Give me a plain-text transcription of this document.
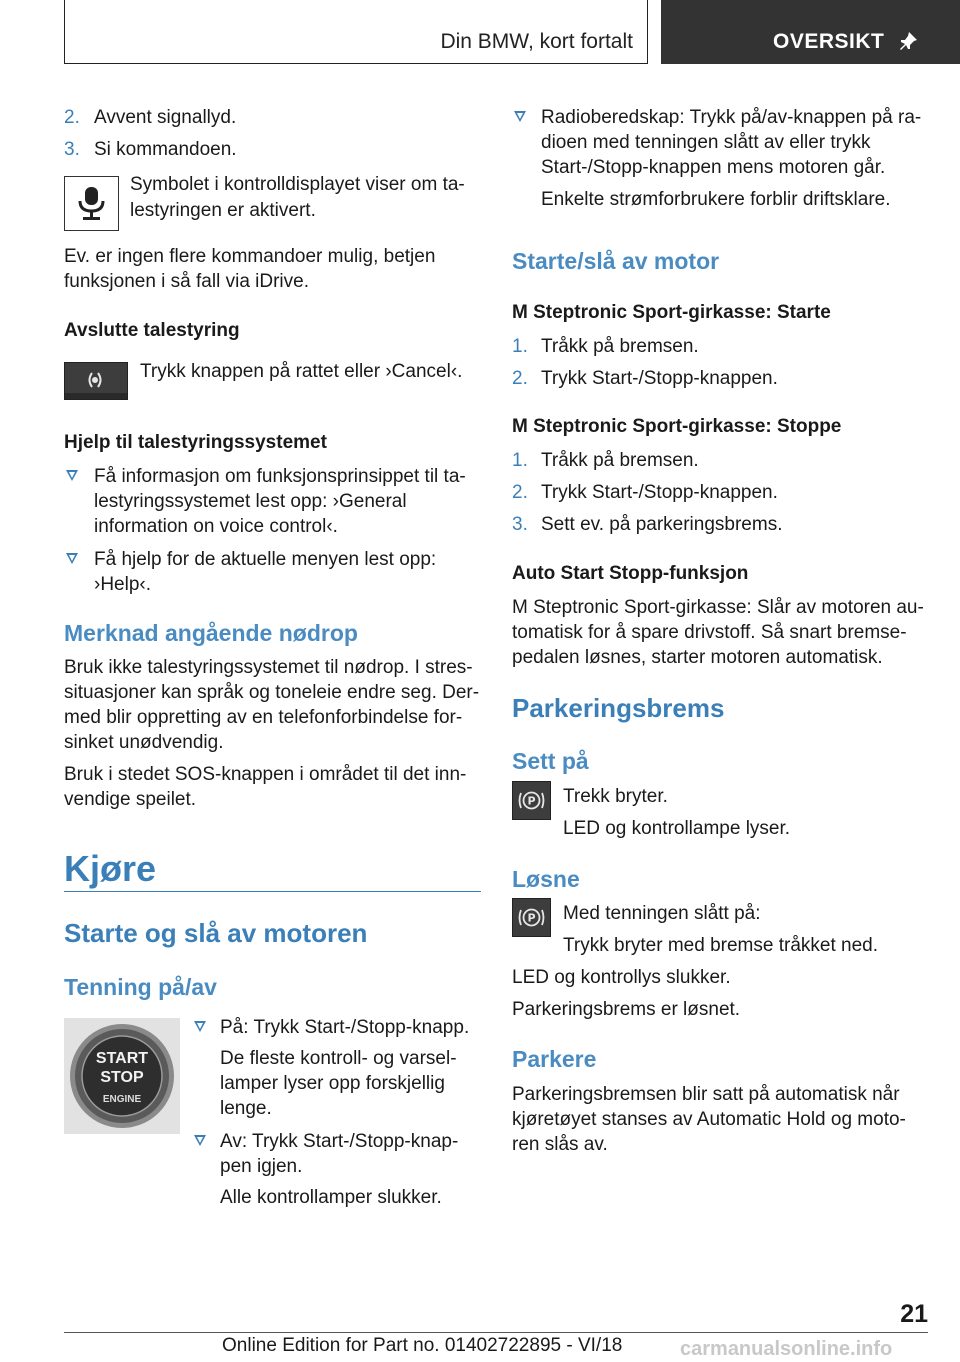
Din BMW, kort fortalt	OVERSIKT
2. Avvent signallyd.
3. Si kommandoen.
Symbolet i kontrolldisplayet viser om ta-
lestyringen er aktivert.
Ev. er ingen flere kommandoer mulig, betjen
funksjonen i så fall via iDrive.
Avslutte talestyring
Trykk knappen på rattet eller ›Cancel‹.
Hjelp til talestyringssystemet
Få informasjon om funksjonsprinsippet til ta-
lestyringssystemet lest opp: ›General
information on voice control‹.
Få hjelp for de aktuelle menyen lest opp:
›Help‹.
Merknad angående nødrop
Bruk ikke talestyringssystemet til nødrop. I stres-
situasjoner kan språk og toneleie endre seg. Der-
med blir oppretting av en telefonforbindelse for-
sinket unødvendig.
Bruk i stedet SOS-knappen i området til det inn-
vendige speilet.
Kjøre
Starte og slå av motoren
Tenning på/av
START
STOP
ENGINE
På: Trykk Start-/Stopp-knapp.
De fleste kontroll- og varsel-
lamper lyser opp forskjellig
lenge.
Av: Trykk Start-/Stopp-knap-
pen igjen.
Alle kontrollamper slukker.
Radioberedskap: Trykk på/av-knappen på ra-
dioen med tenningen slått av eller trykk
Start-/Stopp-knappen mens motoren går.
Enkelte strømforbrukere forblir driftsklare.
Starte/slå av motor
M Steptronic Sport-girkasse: Starte
1. Tråkk på bremsen.
2. Trykk Start-/Stopp-knappen.
M Steptronic Sport-girkasse: Stoppe
1. Tråkk på bremsen.
2. Trykk Start-/Stopp-knappen.
3. Sett ev. på parkeringsbrems.
Auto Start Stopp-funksjon
M Steptronic Sport-girkasse: Slår av motoren au-
tomatisk for å spare drivstoff. Så snart bremse-
pedalen løsnes, starter motoren automatisk.
Parkeringsbrems
Sett på
P Trekk bryter.
LED og kontrollampe lyser.
Løsne
P Med tenningen slått på:
Trykk bryter med bremse tråkket ned.
LED og kontrollys slukker.
Parkeringsbrems er løsnet.
Parkere
Parkeringsbremsen blir satt på automatisk når
kjøretøyet stanses av Automatic Hold og moto-
ren slås av.
21
Online Edition for Part no. 01402722895 - VI/18	carmanualsonline.info
